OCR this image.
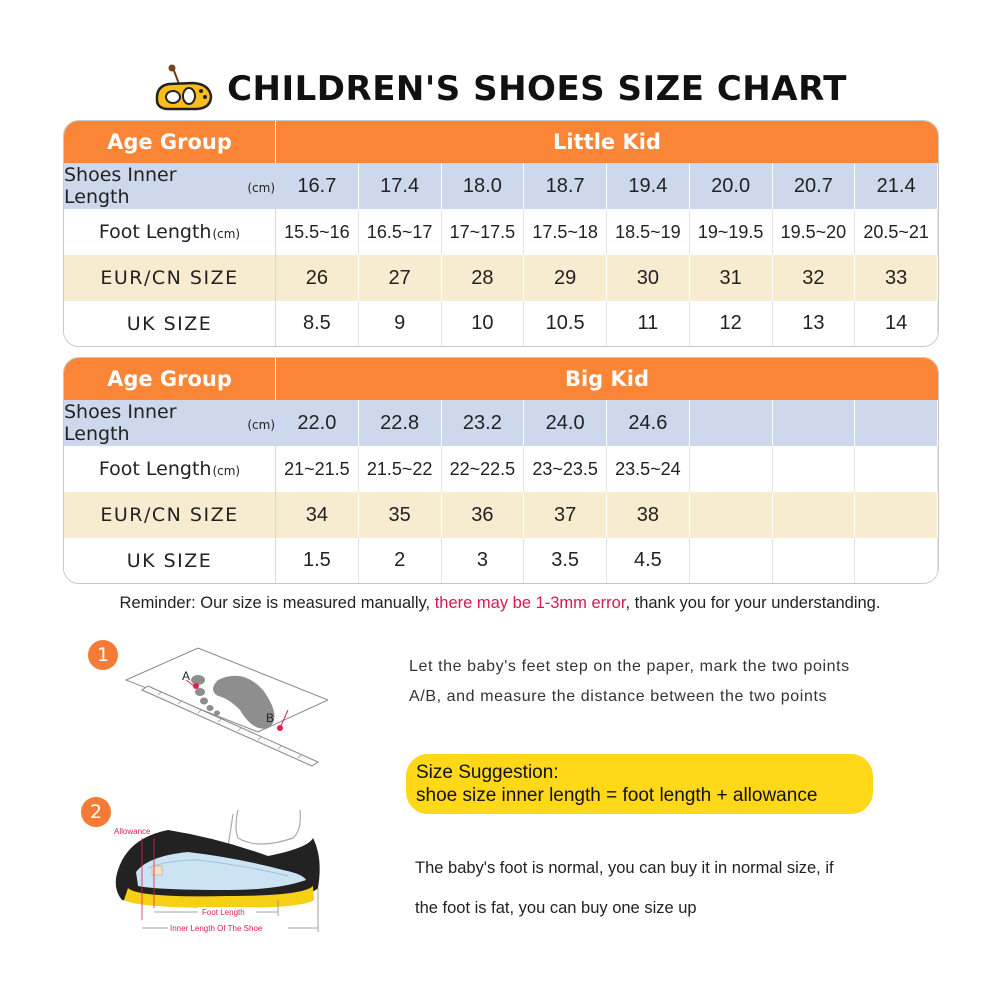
CHILDREN'S SHOES SIZE CHART
Age Group	Little Kid
Shoes Inner Length	(cm)	16.7	17.4	18.0	18.7	19.4	20.0	20.7	21.4
Foot Length (cm)	15.5~16 16.5~17 17~17.5 17.5~18 18.5~19 19~19.5 19.5~20 20.5~21
EUR/CN SIZE	26	27	28	29	30	31	32	33
UK SIZE	8.5	9	10	10.5	11	12	13	14
Age Group	Big Kid
Shoes Inner Length	(cm)	22.0	22.8	23.2	24.0	24.6
Foot Length (cm)	21~21.5 21.5~22 22~22.5 23~23.5 23.5~24
EUR/CN SIZE	34	35	36	37	38
UK SIZE	1.5	2	3	3.5	4.5
Reminder: Our size is measured manually, there may be 1-3mm error, thank you for your understanding.
1
A
B
Let the baby's feet step on the paper, mark the two points
A/B, and measure the distance between the two points
Size Suggestion:
shoe size inner length = foot length + allowance
2
Allowance
Foot Length
Inner Length Of The Shoe
The baby's foot is normal, you can buy it in normal size, if
the foot is fat, you can buy one size up
